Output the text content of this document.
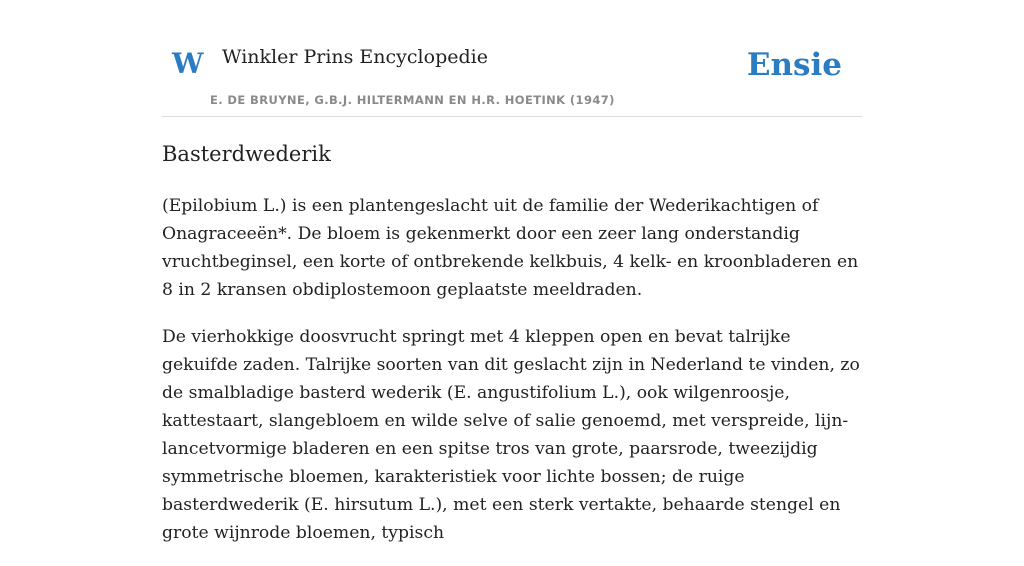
W Winkler Prins Encyclopedie
E. DE BRUYNE, G.B.J. HILTERMANN EN H.R. HOETINK (1947)
Ensie
Basterdwederik

(Epilobium L.) is een plantengeslacht uit de familie der Wederikachtigen of Onagraceeën*. De bloem is gekenmerkt door een zeer lang onderstandig vruchtbeginsel, een korte of ontbrekende kelkbuis, 4 kelk- en kroonbladeren en 8 in 2 kransen obdiplostemoon geplaatste meeldraden.

De vierhokkige doosvrucht springt met 4 kleppen open en bevat talrijke gekuifde zaden. Talrijke soorten van dit geslacht zijn in Nederland te vinden, zo de smalbladige basterd wederik (E. angustifolium L.), ook wilgenroosje, kattestaart, slangebloem en wilde selve of salie genoemd, met verspreide, lijn-lancetvormige bladeren en een spitse tros van grote, paarsrode, tweezijdig symmetrische bloemen, karakteristiek voor lichte bossen; de ruige basterdwederik (E. hirsutum L.), met een sterk vertakte, behaarde stengel en grote wijnrode bloemen, typisch
